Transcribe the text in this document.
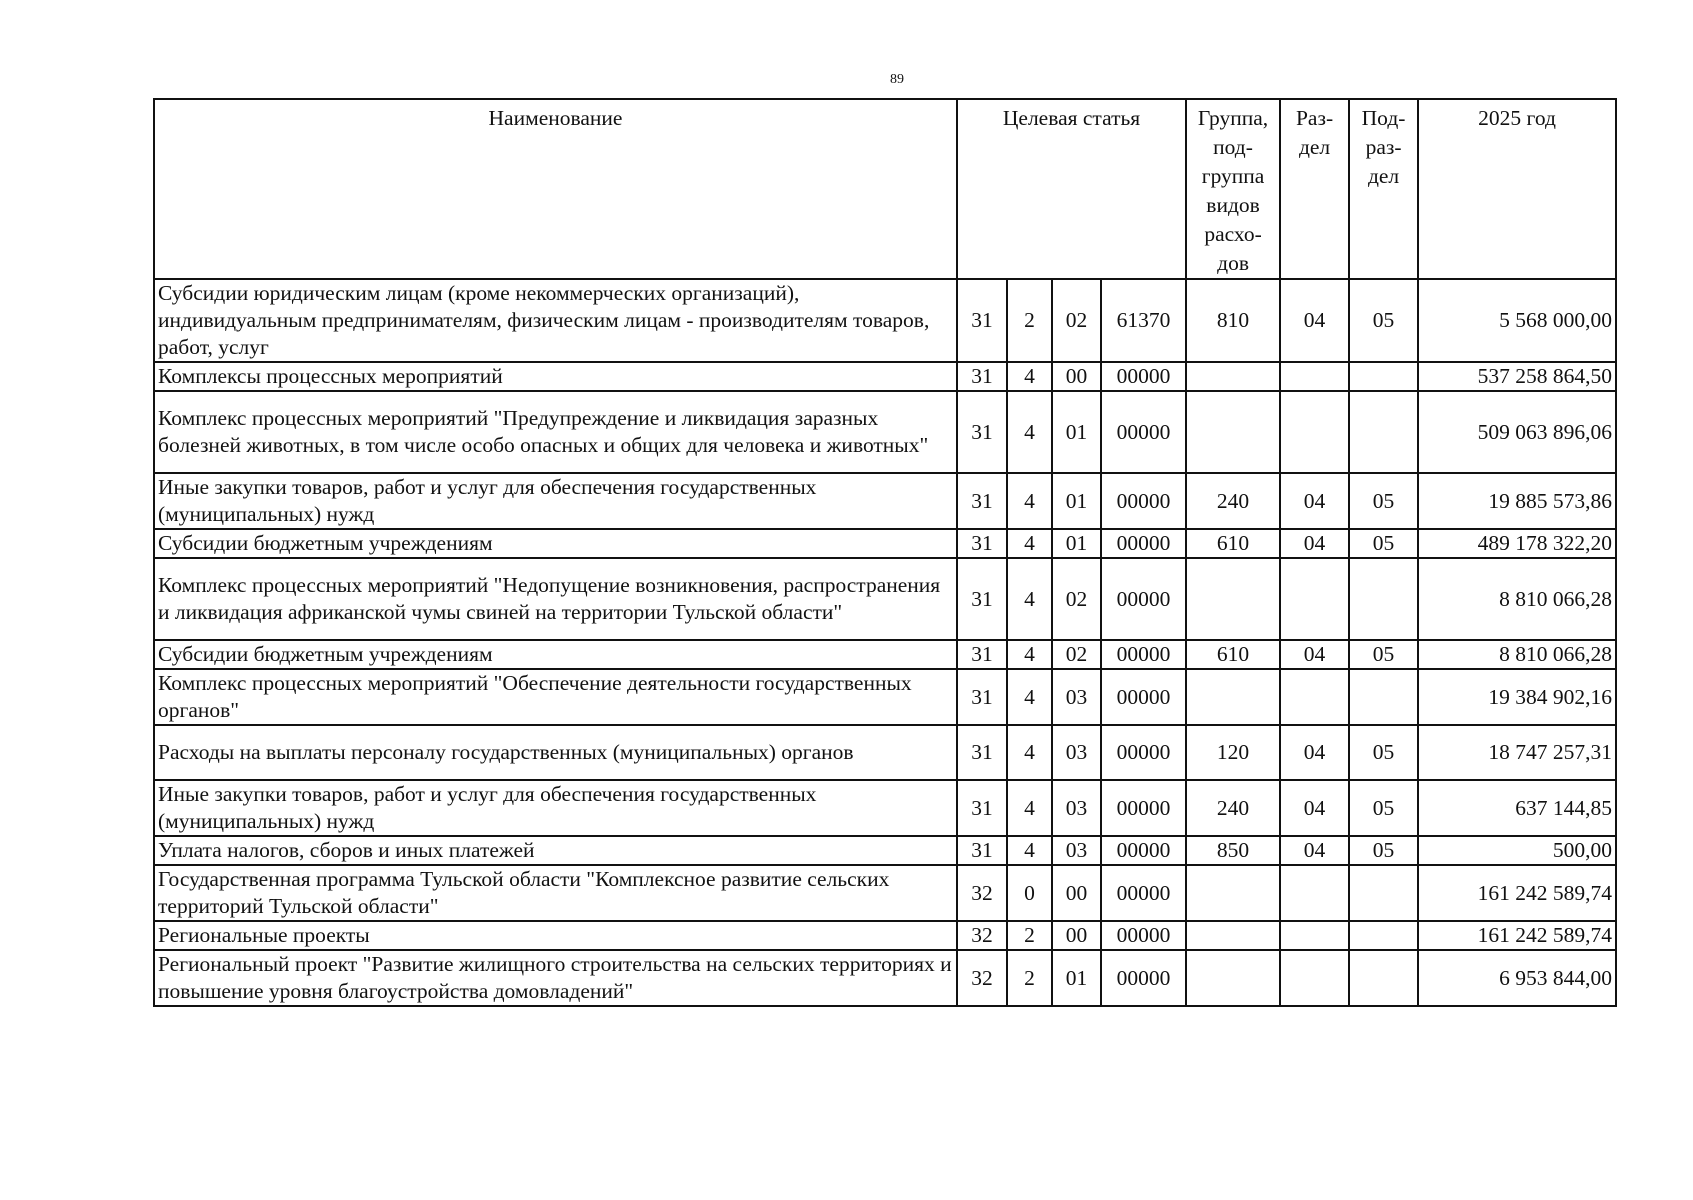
89
Наименование	Целевая статья				Группа, под-группа видов расхо-дов	Раз-дел	Под-раз-дел	2025 год
Субсидии юридическим лицам (кроме некоммерческих организаций), индивидуальным предпринимателям, физическим лицам - производителям товаров, работ, услуг	31	2	02	61370	810	04	05	5 568 000,00
Комплексы процессных мероприятий	31	4	00	00000				537 258 864,50
Комплекс процессных мероприятий "Предупреждение и ликвидация заразных болезней животных, в том числе особо опасных и общих для человека и животных"	31	4	01	00000				509 063 896,06
Иные закупки товаров, работ и услуг для обеспечения государственных (муниципальных) нужд	31	4	01	00000	240	04	05	19 885 573,86
Субсидии бюджетным учреждениям	31	4	01	00000	610	04	05	489 178 322,20
Комплекс процессных мероприятий "Недопущение возникновения, распространения и ликвидация африканской чумы свиней на территории Тульской области"	31	4	02	00000				8 810 066,28
Субсидии бюджетным учреждениям	31	4	02	00000	610	04	05	8 810 066,28
Комплекс процессных мероприятий "Обеспечение деятельности государственных органов"	31	4	03	00000				19 384 902,16
Расходы на выплаты персоналу государственных (муниципальных) органов	31	4	03	00000	120	04	05	18 747 257,31
Иные закупки товаров, работ и услуг для обеспечения государственных (муниципальных) нужд	31	4	03	00000	240	04	05	637 144,85
Уплата налогов, сборов и иных платежей	31	4	03	00000	850	04	05	500,00
Государственная программа Тульской области "Комплексное развитие сельских территорий Тульской области"	32	0	00	00000				161 242 589,74
Региональные проекты	32	2	00	00000				161 242 589,74
Региональный проект "Развитие жилищного строительства на сельских территориях и повышение уровня благоустройства домовладений"	32	2	01	00000				6 953 844,00
